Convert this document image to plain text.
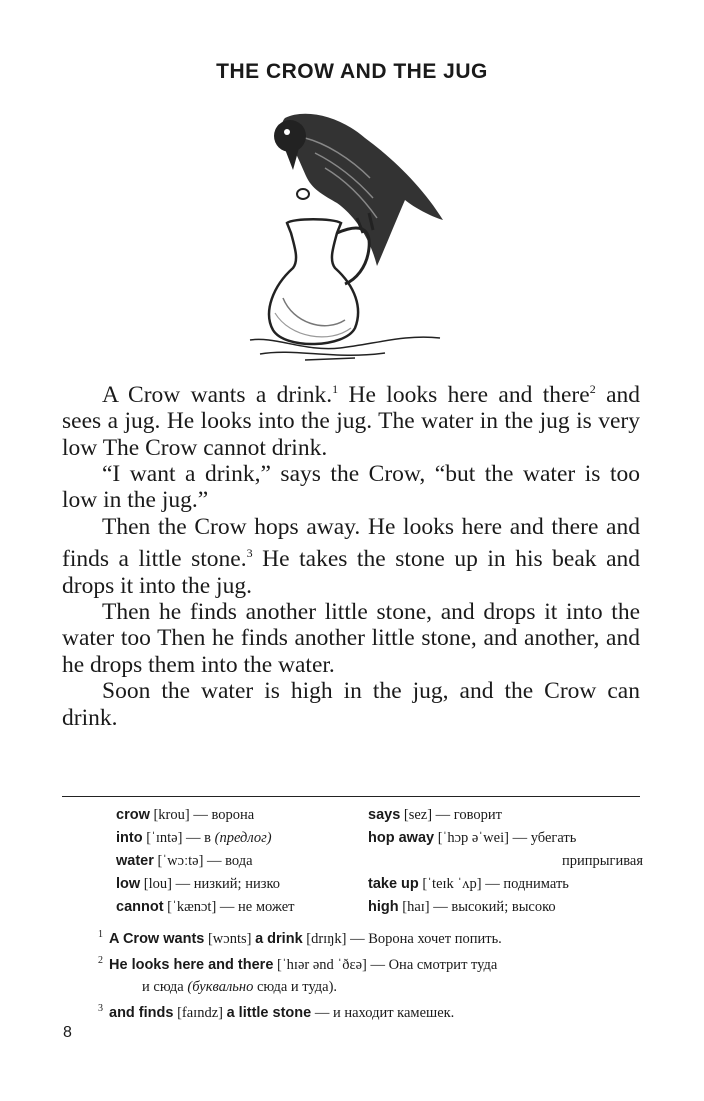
THE CROW AND THE JUG

A Crow wants a drink.$^1$ He looks here and there$^2$ and sees a jug. He looks into the jug. The water in the jug is very low The Crow cannot drink.

“I want a drink,” says the Crow, “but the water is too low in the jug.”

Then the Crow hops away. He looks here and there and finds a little stone.$^3$ He takes the stone up in his beak and drops it into the jug.

Then he finds another little stone, and drops it into the water too Then he finds another little stone, and another, and he drops them into the water.

Soon the water is high in the jug, and the Crow can drink.

crow [krou] — ворона
into [ˈɪntə] — в (предлог)
water [ˈwɔːtə] — вода
low [lou] — низкий; низко
cannot [ˈkænɔt] — не может
says [sez] — говорит
hop away [ˈhɔp əˈwei] — убегать
припрыгивая
take up [ˈteɪk ˈʌp] — поднимать
high [haɪ] — высокий; высоко
$^1$ A Crow wants [wɔnts] a drink [drɪŋk] — Ворона хочет попить.
$^2$ He looks here and there [ˈhɪər ənd ˈðɛə] — Она смотрит туда
и сюда (буквально сюда и туда).
$^3$ and finds [faɪndz] a little stone — и находит камешек.
8
